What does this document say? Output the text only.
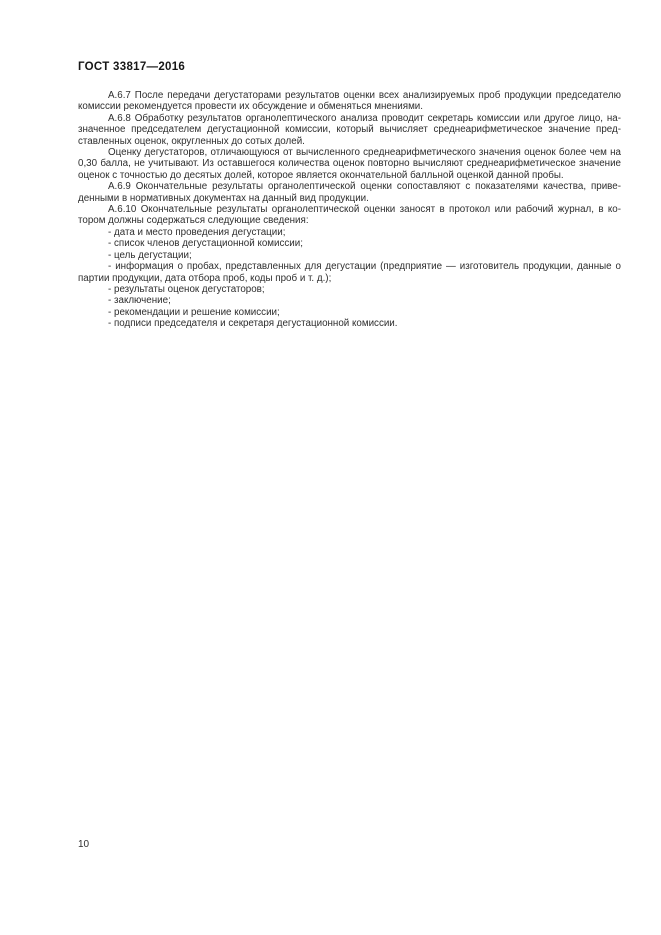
ГОСТ 33817—2016

А.6.7 После передачи дегустаторами результатов оценки всех анализируемых проб продукции председателю комиссии рекомендуется провести их обсуждение и обменяться мнениями.

А.6.8 Обработку результатов органолептического анализа проводит секретарь комиссии или другое лицо, назначенное председателем дегустационной комиссии, который вычисляет среднеарифметическое значение представленных оценок, округленных до сотых долей.

Оценку дегустаторов, отличающуюся от вычисленного среднеарифметического значения оценок более чем на 0,30 балла, не учитывают. Из оставшегося количества оценок повторно вычисляют среднеарифметическое значение оценок с точностью до десятых долей, которое является окончательной балльной оценкой данной пробы.

А.6.9 Окончательные результаты органолептической оценки сопоставляют с показателями качества, приведенными в нормативных документах на данный вид продукции.

А.6.10 Окончательные результаты органолептической оценки заносят в протокол или рабочий журнал, в котором должны содержаться следующие сведения:

- дата и место проведения дегустации;

- список членов дегустационной комиссии;

- цель дегустации;

- информация о пробах, представленных для дегустации (предприятие — изготовитель продукции, данные о партии продукции, дата отбора проб, коды проб и т. д.);

- результаты оценок дегустаторов;

- заключение;

- рекомендации и решение комиссии;

- подписи председателя и секретаря дегустационной комиссии.

10
